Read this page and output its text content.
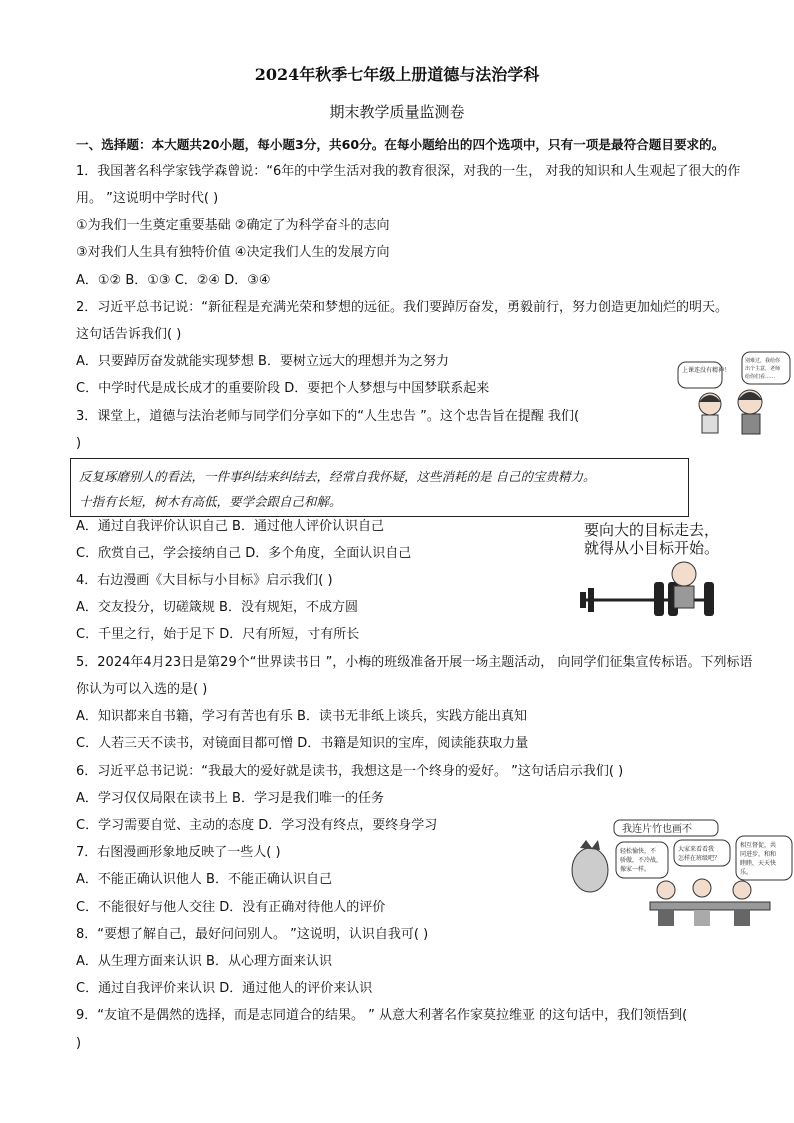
2024年秋季七年级上册道德与法治学科
期末教学质量监测卷
一、选择题：本大题共20小题，每小题3分，共60分。在每小题给出的四个选项中，只有一项是最符合题目要求的。
1．我国著名科学家钱学森曾说：“6年的中学生活对我的教育很深，对我的一生， 对我的知识和人生观起了很大的作
用。 ”这说明中学时代( )
①为我们一生奠定重要基础 ②确定了为科学奋斗的志向
③对我们人生具有独特价值 ④决定我们人生的发展方向
A．①② B．①③ C．②④ D．③④
2．习近平总书记说：“新征程是充满光荣和梦想的远征。我们要踔厉奋发，勇毅前行，努力创造更加灿烂的明天。
这句话告诉我们( )
A．只要踔厉奋发就能实现梦想 B．要树立远大的理想并为之努力
C．中学时代是成长成才的重要阶段 D．要把个人梦想与中国梦联系起来
3．课堂上，道德与法治老师与同学们分享如下的“人生忠告 ”。这个忠告旨在提醒 我们(
)
反复琢磨别人的看法，一件事纠结来纠结去，经常自我怀疑，这些消耗的是 自己的宝贵精力。
十指有长短，树木有高低，要学会跟自己和解。
A．通过自我评价认识自己 B．通过他人评价认识自己
C．欣赏自己，学会接纳自己 D．多个角度，全面认识自己
4．右边漫画《大目标与小目标》启示我们( )
A．交友投分，切磋箴规 B．没有规矩，不成方圆
C．千里之行，始于足下 D．尺有所短，寸有所长
5．2024年4月23日是第29个“世界读书日 ”，小梅的班级准备开展一场主题活动， 向同学们征集宣传标语。下列标语
你认为可以入选的是( )
A．知识都来自书籍，学习有苦也有乐 B．读书无非纸上谈兵，实践方能出真知
C．人若三天不读书，对镜面目都可憎 D．书籍是知识的宝库，阅读能获取力量
6．习近平总书记说：“我最大的爱好就是读书，我想这是一个终身的爱好。 ”这句话启示我们( )
A．学习仅仅局限在读书上 B．学习是我们唯一的任务
C．学习需要自觉、主动的态度 D．学习没有终点，要终身学习
7．右图漫画形象地反映了一些人( )
A．不能正确认识他人 B．不能正确认识自己
C．不能很好与他人交往 D．没有正确对待他人的评价
8．“要想了解自己，最好问问别人。 ”这说明，认识自我可( )
A．从生理方面来认识 B．从心理方面来认识
C．通过自我评价来认识 D．通过他人的评价来认识
9．“友谊不是偶然的选择，而是志同道合的结果。 ” 从意大利著名作家莫拉维亚 的这句话中，我们领悟到(
)
上课连没有精神！
别难过，我给你
出个主意，老师
给你们看……
要向大的目标走去，
就得从小目标开始。
我连片竹也画不
轻松愉快，不
骄傲，不冷战，
像家一样。
大家来看看我
怎样在班级吧？
相互督促，共
同进步，和和
睦睦，天天快
乐。
